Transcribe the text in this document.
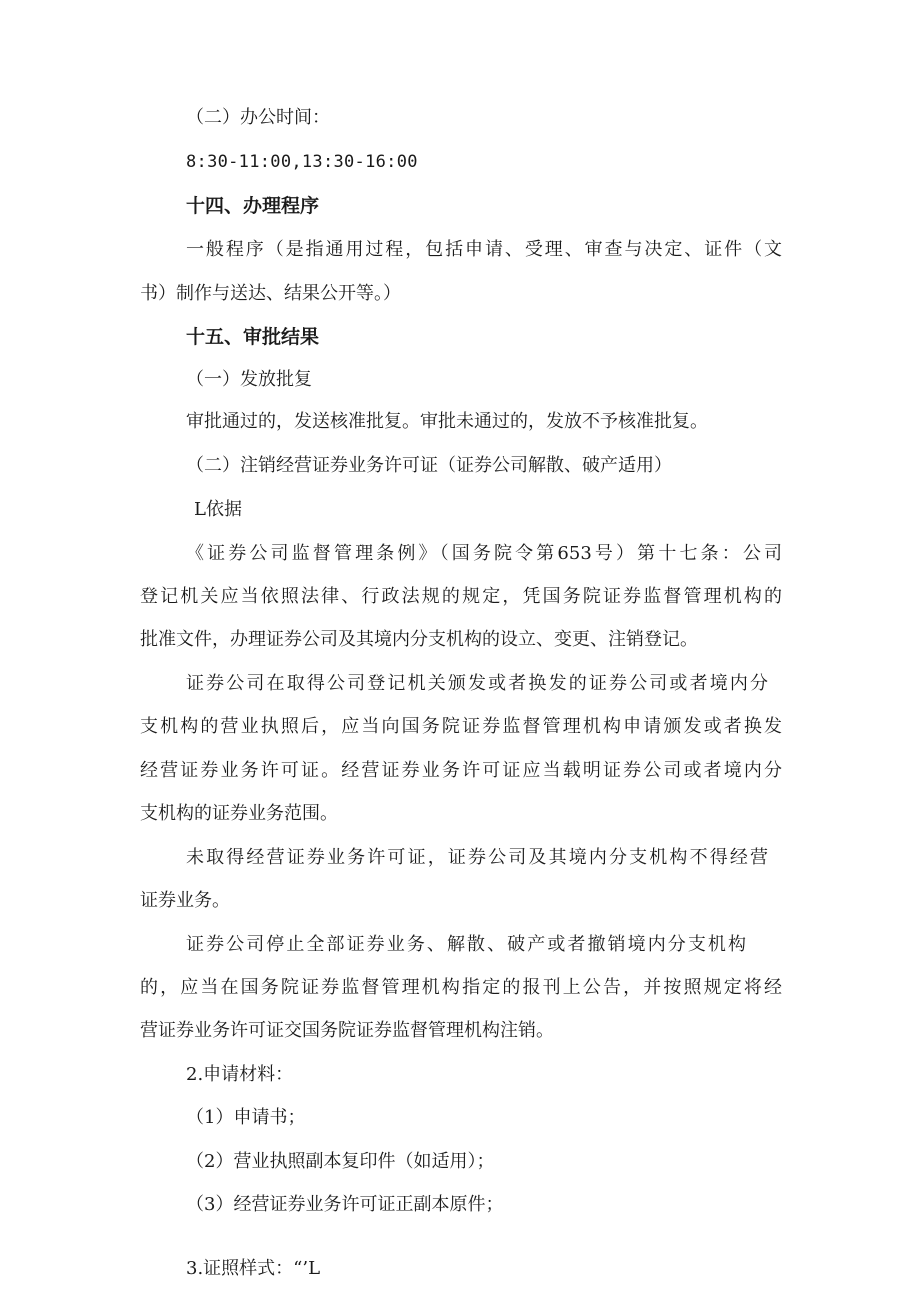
（二）办公时间：
8:30-11:00,13:30-16:00
十四、办理程序
一般程序（是指通用过程，包括申请、受理、审查与决定、证件（文
书）制作与送达、结果公开等。）
十五、审批结果
（一）发放批复
审批通过的，发送核准批复。审批未通过的，发放不予核准批复。
（二）注销经营证券业务许可证（证券公司解散、破产适用）
L依据
《证券公司监督管理条例》（国务院令第653号）第十七条：公司
登记机关应当依照法律、行政法规的规定，凭国务院证券监督管理机构的
批准文件，办理证券公司及其境内分支机构的设立、变更、注销登记。
证券公司在取得公司登记机关颁发或者换发的证券公司或者境内分
支机构的营业执照后，应当向国务院证券监督管理机构申请颁发或者换发
经营证券业务许可证。经营证券业务许可证应当载明证券公司或者境内分
支机构的证券业务范围。
未取得经营证券业务许可证，证券公司及其境内分支机构不得经营
证券业务。
证券公司停止全部证券业务、解散、破产或者撤销境内分支机构
的，应当在国务院证券监督管理机构指定的报刊上公告，并按照规定将经
营证券业务许可证交国务院证券监督管理机构注销。
2.申请材料：
（1）申请书；
（2）营业执照副本复印件（如适用）；
（3）经营证券业务许可证正副本原件；
3.证照样式：“’L
